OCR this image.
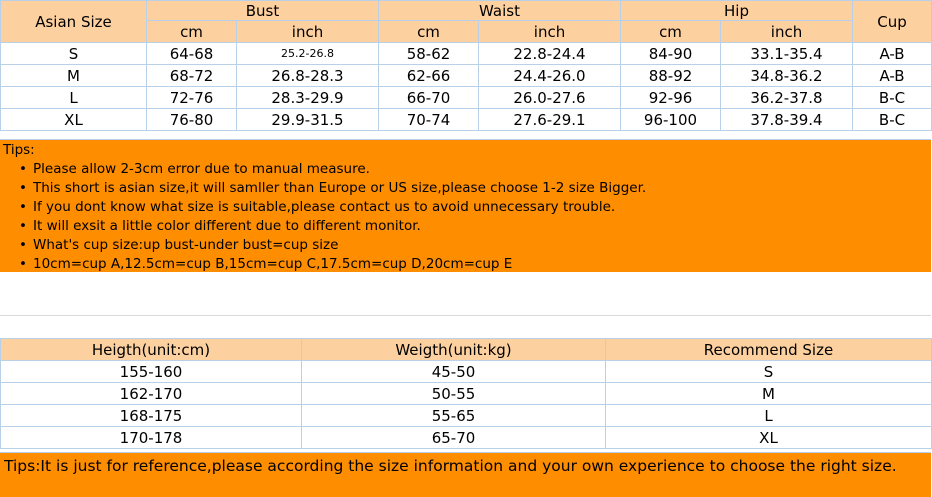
Asian Size	Bust		Waist		Hip		Cup
	cm	inch	cm	inch	cm	inch	
S	64-68	25.2-26.8	58-62	22.8-24.4	84-90	33.1-35.4	A-B
M	68-72	26.8-28.3	62-66	24.4-26.0	88-92	34.8-36.2	A-B
L	72-76	28.3-29.9	66-70	26.0-27.6	92-96	36.2-37.8	B-C
XL	76-80	29.9-31.5	70-74	27.6-29.1	96-100	37.8-39.4	B-C
Tips:
• Please allow 2-3cm error due to manual measure.
• This short is asian size,it will samller than Europe or US size,please choose 1-2 size Bigger.
• If you dont know what size is suitable,please contact us to avoid unnecessary trouble.
• It will exsit a little color different due to different monitor.
• What's cup size:up bust-under bust=cup size
• 10cm=cup A,12.5cm=cup B,15cm=cup C,17.5cm=cup D,20cm=cup E
Heigth(unit:cm)	Weigth(unit:kg)	Recommend Size
155-160	45-50	S
162-170	50-55	M
168-175	55-65	L
170-178	65-70	XL
Tips:It is just for reference,please according the size information and your own experience to choose the right size.
